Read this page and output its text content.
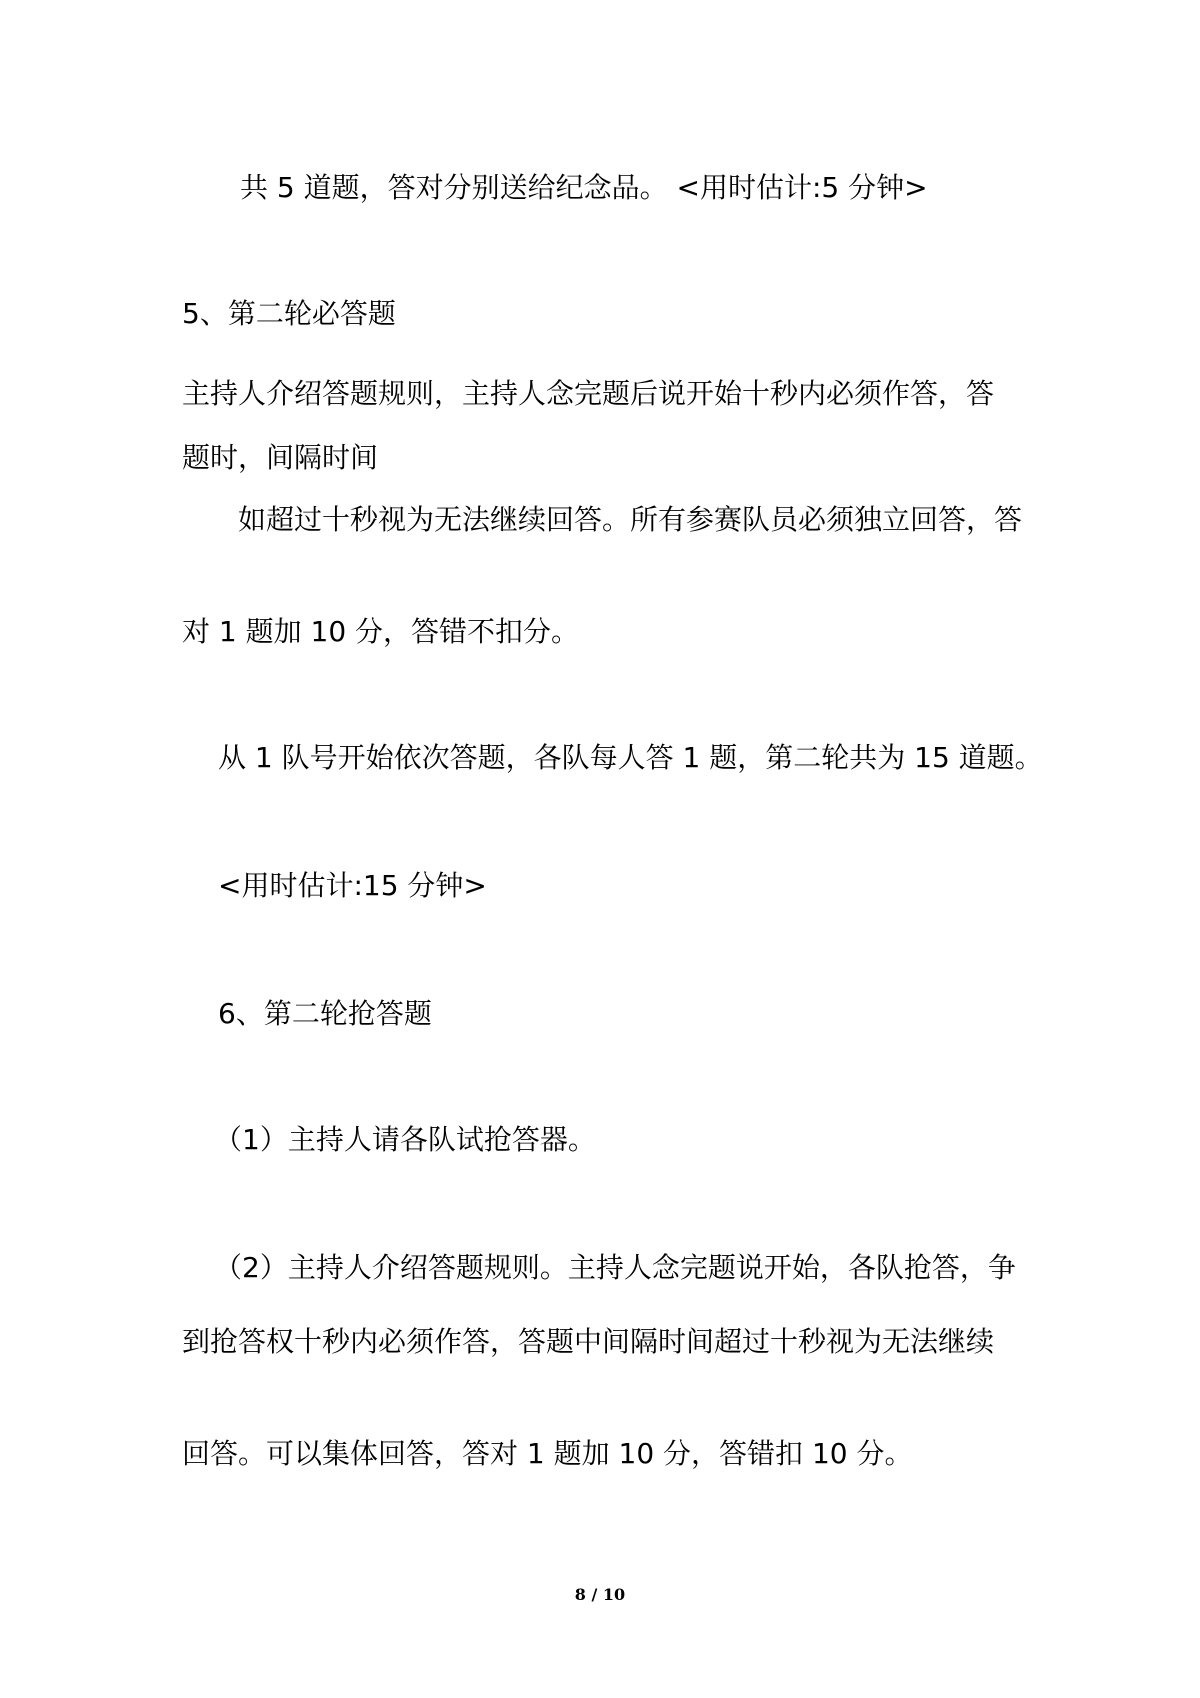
共 5 道题，答对分别送给纪念品。 <用时估计:5 分钟>
5、第二轮必答题
主持人介绍答题规则，主持人念完题后说开始十秒内必须作答，答
题时，间隔时间
如超过十秒视为无法继续回答。所有参赛队员必须独立回答，答
对 1 题加 10 分，答错不扣分。
从 1 队号开始依次答题，各队每人答 1 题，第二轮共为 15 道题。
<用时估计:15 分钟>
6、第二轮抢答题
（1）主持人请各队试抢答器。
（2）主持人介绍答题规则。主持人念完题说开始，各队抢答，争
到抢答权十秒内必须作答，答题中间隔时间超过十秒视为无法继续
回答。可以集体回答，答对 1 题加 10 分，答错扣 10 分。
8 / 10
